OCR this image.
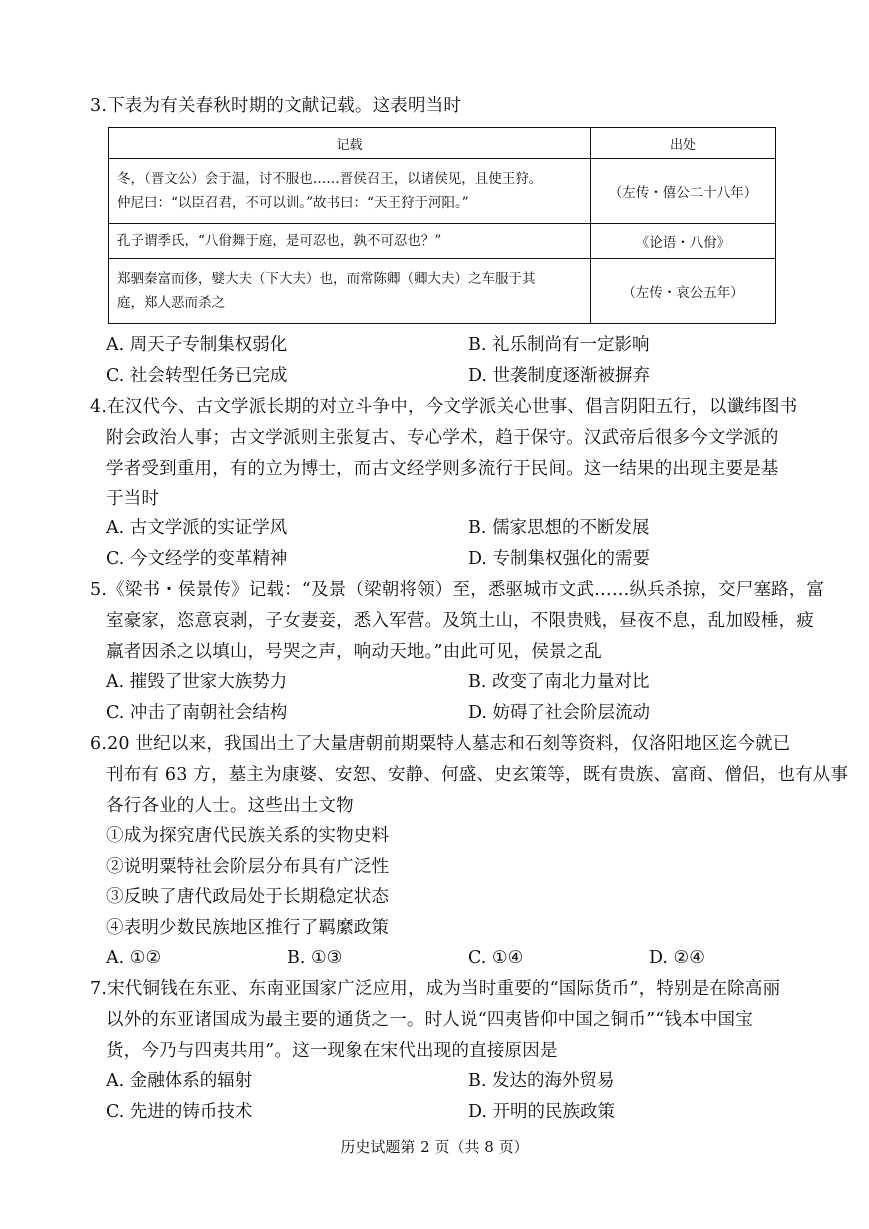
3.下表为有关春秋时期的文献记载。这表明当时
记载	出处

冬，（晋文公）会于温，讨不服也……晋侯召王，以诸侯见，且使王狩。
仲尼曰：“以臣召君，不可以训。”故书曰：“天王狩于河阳。”	（左传・僖公二十八年）

孔子谓季氏，“八佾舞于庭，是可忍也，孰不可忍也？”	《论语・八佾》

郑驷秦富而侈，嬖大夫（下大夫）也，而常陈卿（卿大夫）之车服于其
庭，郑人恶而杀之	（左传・哀公五年）
A. 周天子专制集权弱化	B. 礼乐制尚有一定影响
C. 社会转型任务已完成	D. 世袭制度逐渐被摒弃
4.在汉代今、古文学派长期的对立斗争中，今文学派关心世事、倡言阴阳五行，以谶纬图书
附会政治人事；古文学派则主张复古、专心学术，趋于保守。汉武帝后很多今文学派的
学者受到重用，有的立为博士，而古文经学则多流行于民间。这一结果的出现主要是基
于当时
A. 古文学派的实证学风	B. 儒家思想的不断发展
C. 今文经学的变革精神	D. 专制集权强化的需要
5.《梁书・侯景传》记载：“及景（梁朝将领）至，悉驱城市文武……纵兵杀掠，交尸塞路，富
室豪家，恣意哀剥，子女妻妾，悉入军营。及筑土山，不限贵贱，昼夜不息，乱加殴棰，疲
羸者因杀之以填山，号哭之声，响动天地。”由此可见，侯景之乱
A. 摧毁了世家大族势力	B. 改变了南北力量对比
C. 冲击了南朝社会结构	D. 妨碍了社会阶层流动
6.20 世纪以来，我国出土了大量唐朝前期粟特人墓志和石刻等资料，仅洛阳地区迄今就已
刊布有 63 方，墓主为康婆、安恕、安静、何盛、史玄策等，既有贵族、富商、僧侣，也有从事
各行各业的人士。这些出土文物
①成为探究唐代民族关系的实物史料
②说明粟特社会阶层分布具有广泛性
③反映了唐代政局处于长期稳定状态
④表明少数民族地区推行了羁縻政策
A. ①②	B. ①③	C. ①④	D. ②④
7.宋代铜钱在东亚、东南亚国家广泛应用，成为当时重要的“国际货币”，特别是在除高丽
以外的东亚诸国成为最主要的通货之一。时人说“四夷皆仰中国之铜币”“钱本中国宝
货，今乃与四夷共用”。这一现象在宋代出现的直接原因是
A. 金融体系的辐射	B. 发达的海外贸易
C. 先进的铸币技术	D. 开明的民族政策
历史试题第 2 页（共 8 页）
